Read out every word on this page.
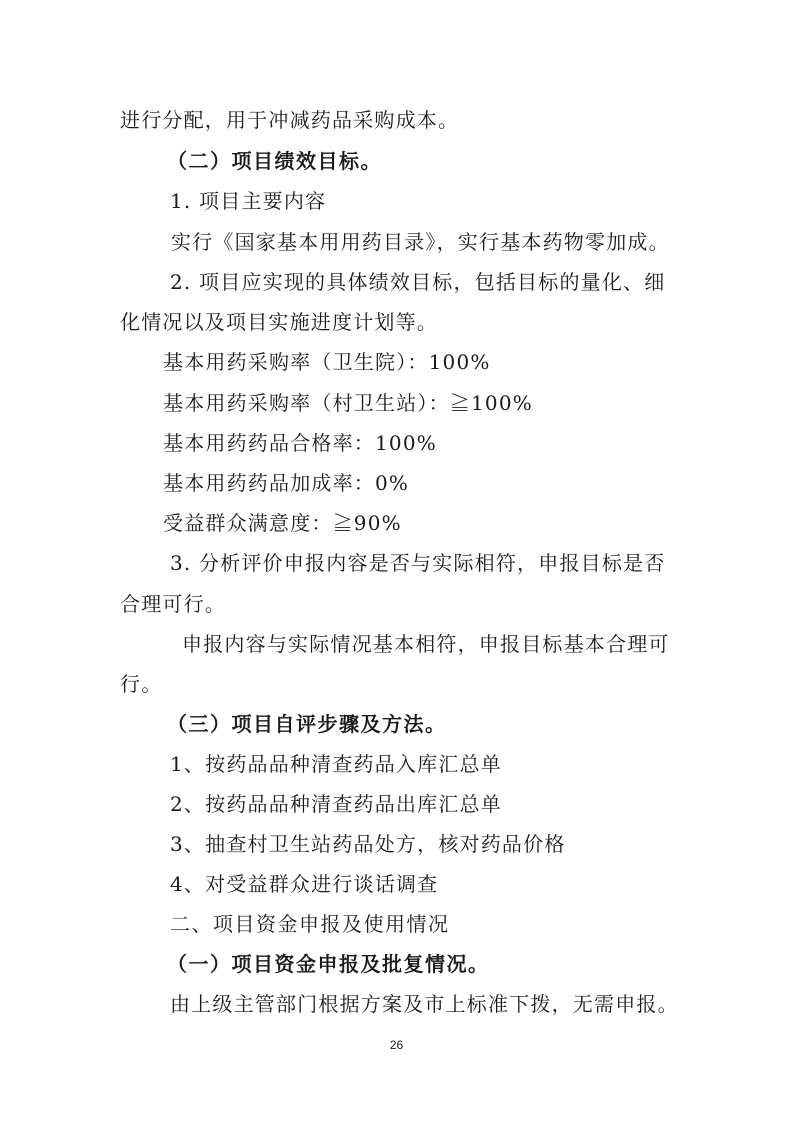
进行分配，用于冲减药品采购成本。
（二）项目绩效目标。
1. 项目主要内容
实行《国家基本用用药目录》，实行基本药物零加成。
2. 项目应实现的具体绩效目标，包括目标的量化、细
化情况以及项目实施进度计划等。
基本用药采购率（卫生院）：100%
基本用药采购率（村卫生站）：≧100%
基本用药药品合格率：100%
基本用药药品加成率：0%
受益群众满意度：≧90%
3. 分析评价申报内容是否与实际相符，申报目标是否
合理可行。
申报内容与实际情况基本相符，申报目标基本合理可
行。
（三）项目自评步骤及方法。
1、按药品品种清查药品入库汇总单
2、按药品品种清查药品出库汇总单
3、抽查村卫生站药品处方，核对药品价格
4、对受益群众进行谈话调查
二、项目资金申报及使用情况
（一）项目资金申报及批复情况。
由上级主管部门根据方案及市上标准下拨，无需申报。
26
